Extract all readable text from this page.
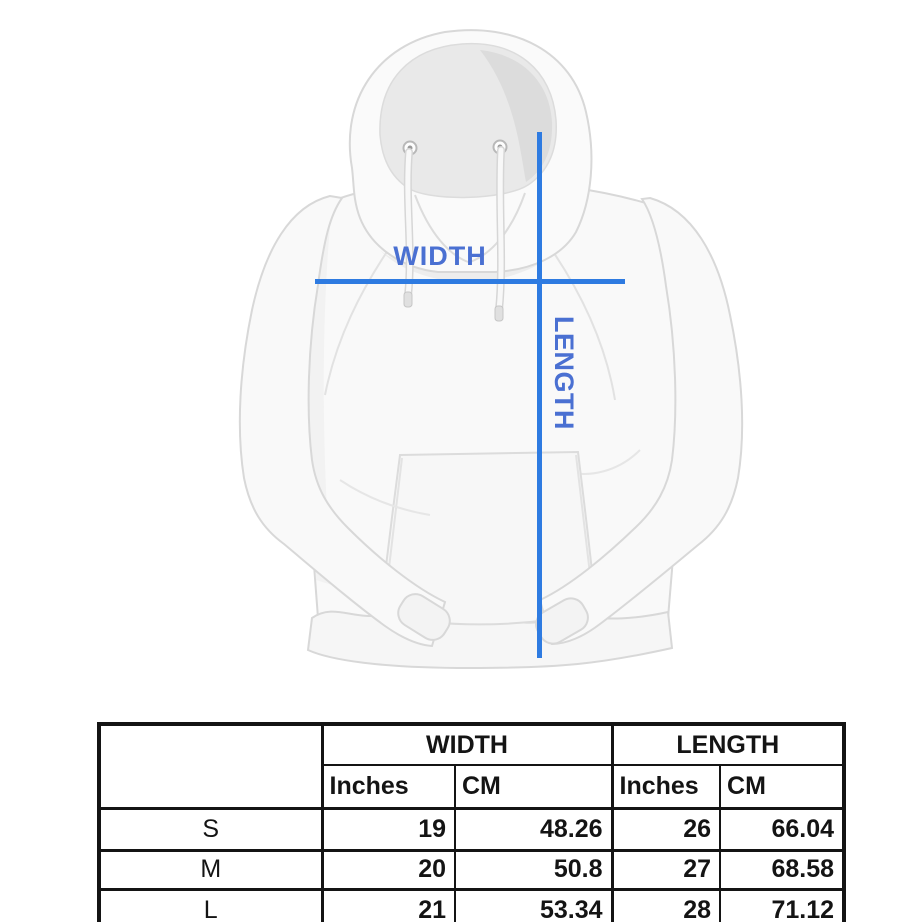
WIDTH
LENGTH
	WIDTH		LENGTH	
	Inches	CM	Inches	CM
S	19	48.26	26	66.04
M	20	50.8	27	68.58
L	21	53.34	28	71.12
